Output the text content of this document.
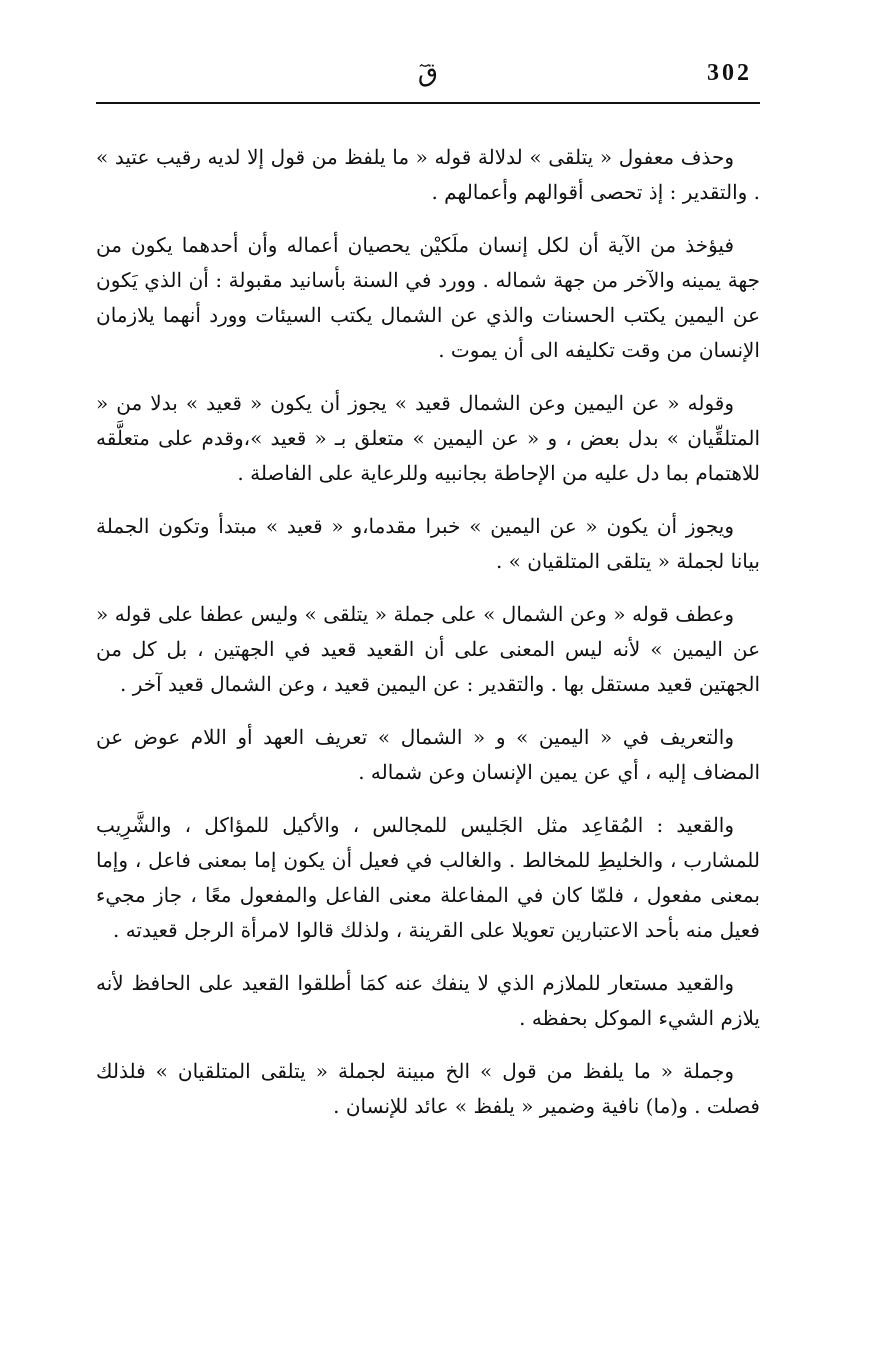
302
قٓ

وحذف معفول « يتلقى » لدلالة قوله « ما يلفظ من قول إلا لديه رقيب عتيد » . والتقدير : إذ تحصى أقوالهم وأعمالهم .

فيؤخذ من الآية أن لكل إنسان ملَكيْن يحصيان أعماله وأن أحدهما يكون من جهة يمينه والآخر من جهة شماله . وورد في السنة بأسانيد مقبولة : أن الذي يَكون عن اليمين يكتب الحسنات والذي عن الشمال يكتب السيئات وورد أنهما يلازمان الإنسان من وقت تكليفه الى أن يموت .

وقوله « عن اليمين وعن الشمال قعيد » يجوز أن يكون « قعيد » بدلا من « المتلقِّيان » بدل بعض ، و « عن اليمين » متعلق بـ « قعيد »،وقدم على متعلَّقه للاهتمام بما دل عليه من الإحاطة بجانبيه وللرعاية على الفاصلة .

ويجوز أن يكون « عن اليمين » خبرا مقدما،و « قعيد » مبتدأ وتكون الجملة بيانا لجملة « يتلقى المتلقيان » .

وعطف قوله « وعن الشمال » على جملة « يتلقى » وليس عطفا على قوله « عن اليمين » لأنه ليس المعنى على أن القعيد قعيد في الجهتين ، بل كل من الجهتين قعيد مستقل بها . والتقدير : عن اليمين قعيد ، وعن الشمال قعيد آخر .

والتعريف في « اليمين » و « الشمال » تعريف العهد أو اللام عوض عن المضاف إليه ، أي عن يمين الإنسان وعن شماله .

والقعيد : المُقاعِد مثل الجَليس للمجالس ، والأكيل للمؤاكل ، والشَّرِيب للمشارب ، والخليطِ للمخالط . والغالب في فعيل أن يكون إما بمعنى فاعل ، وإما بمعنى مفعول ، فلمّا كان في المفاعلة معنى الفاعل والمفعول معًا ، جاز مجيء فعيل منه بأحد الاعتبارين تعويلا على القرينة ، ولذلك قالوا لامرأة الرجل قعيدته .

والقعيد مستعار للملازم الذي لا ينفك عنه كمَا أطلقوا القعيد على الحافظ لأنه يلازم الشيء الموكل بحفظه .

وجملة « ما يلفظ من قول » الخ مبينة لجملة « يتلقى المتلقيان » فلذلك فصلت . و(ما) نافية وضمير « يلفظ » عائد للإنسان .
